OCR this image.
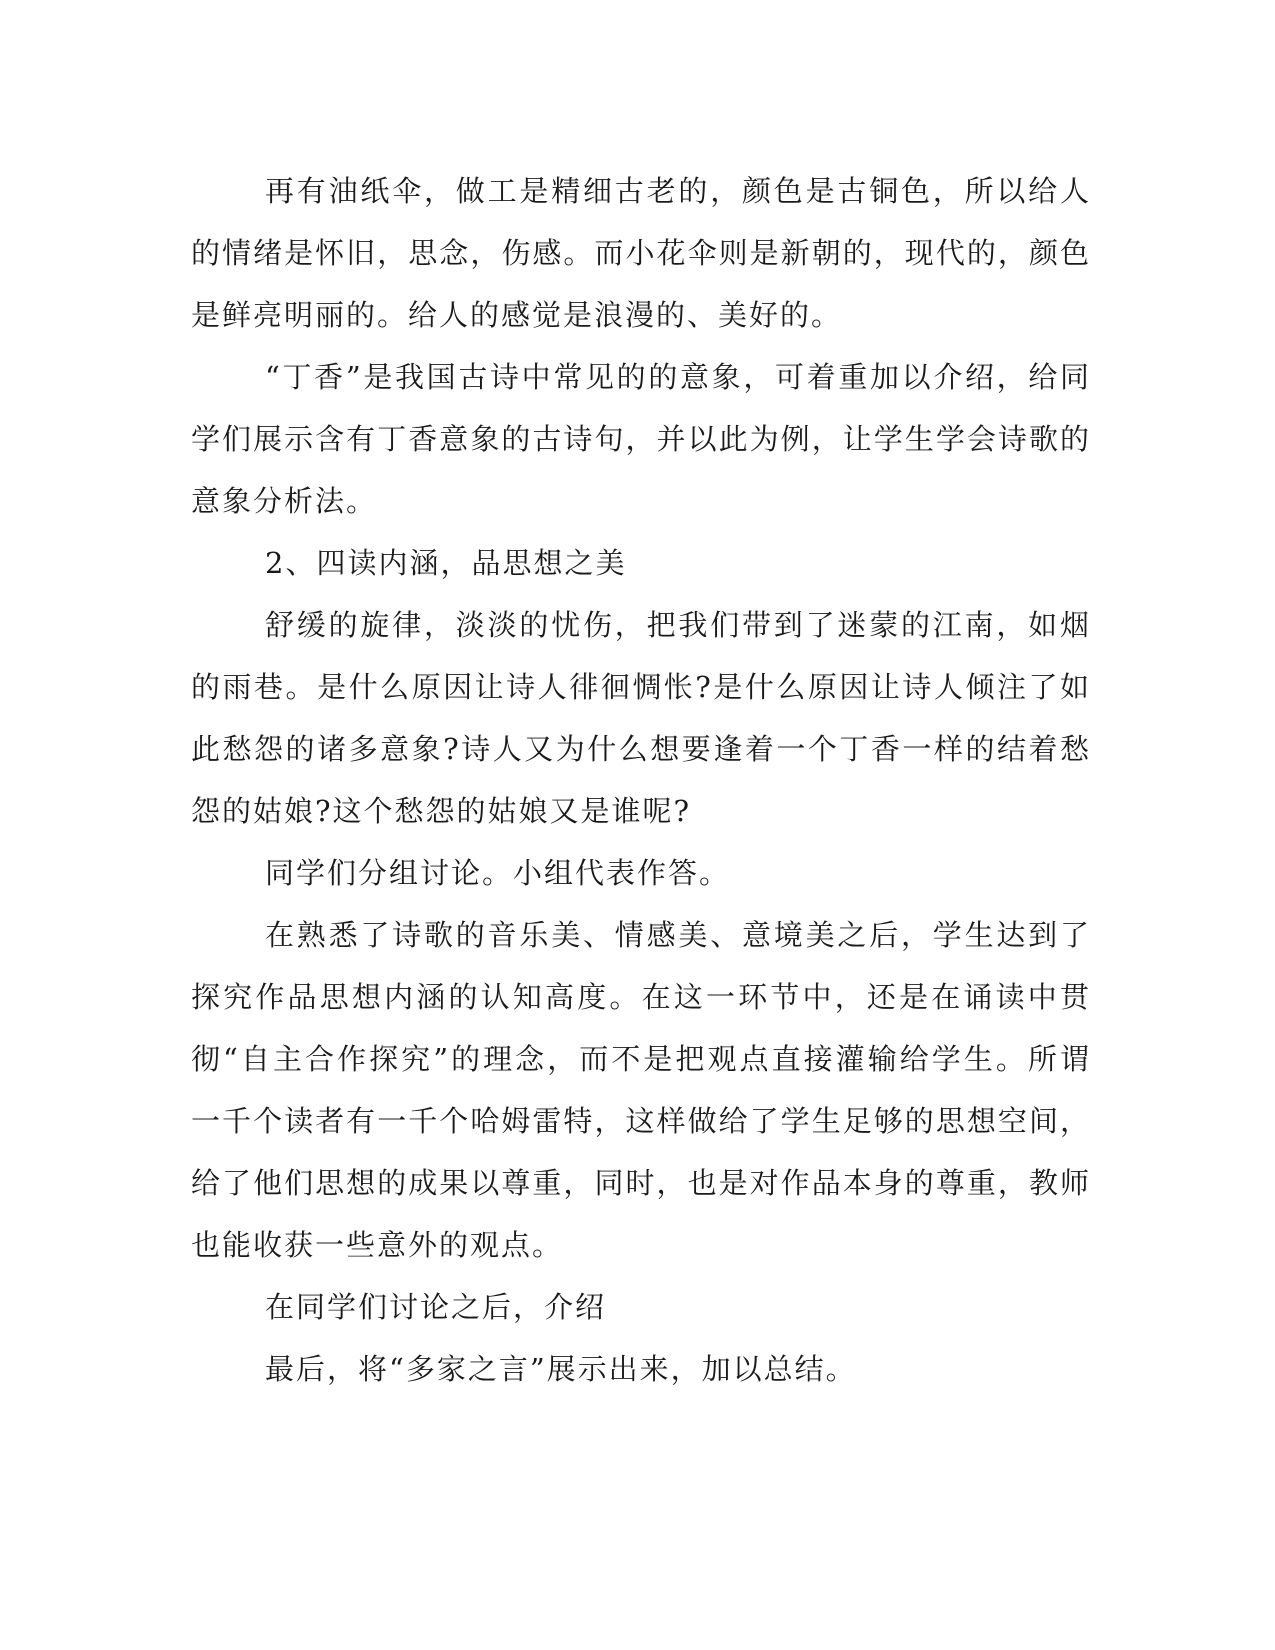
再有油纸伞，做工是精细古老的，颜色是古铜色，所以给人的情绪是怀旧，思念，伤感。而小花伞则是新朝的，现代的，颜色是鲜亮明丽的。给人的感觉是浪漫的、美好的。

“丁香”是我国古诗中常见的的意象，可着重加以介绍，给同学们展示含有丁香意象的古诗句，并以此为例，让学生学会诗歌的意象分析法。

2、四读内涵，品思想之美

舒缓的旋律，淡淡的忧伤，把我们带到了迷蒙的江南，如烟的雨巷。是什么原因让诗人徘徊惆怅?是什么原因让诗人倾注了如此愁怨的诸多意象?诗人又为什么想要逢着一个丁香一样的结着愁怨的姑娘?这个愁怨的姑娘又是谁呢?

同学们分组讨论。小组代表作答。

在熟悉了诗歌的音乐美、情感美、意境美之后，学生达到了探究作品思想内涵的认知高度。在这一环节中，还是在诵读中贯彻“自主合作探究”的理念，而不是把观点直接灌输给学生。所谓一千个读者有一千个哈姆雷特，这样做给了学生足够的思想空间，给了他们思想的成果以尊重，同时，也是对作品本身的尊重，教师也能收获一些意外的观点。

在同学们讨论之后，介绍

最后，将“多家之言”展示出来，加以总结。
